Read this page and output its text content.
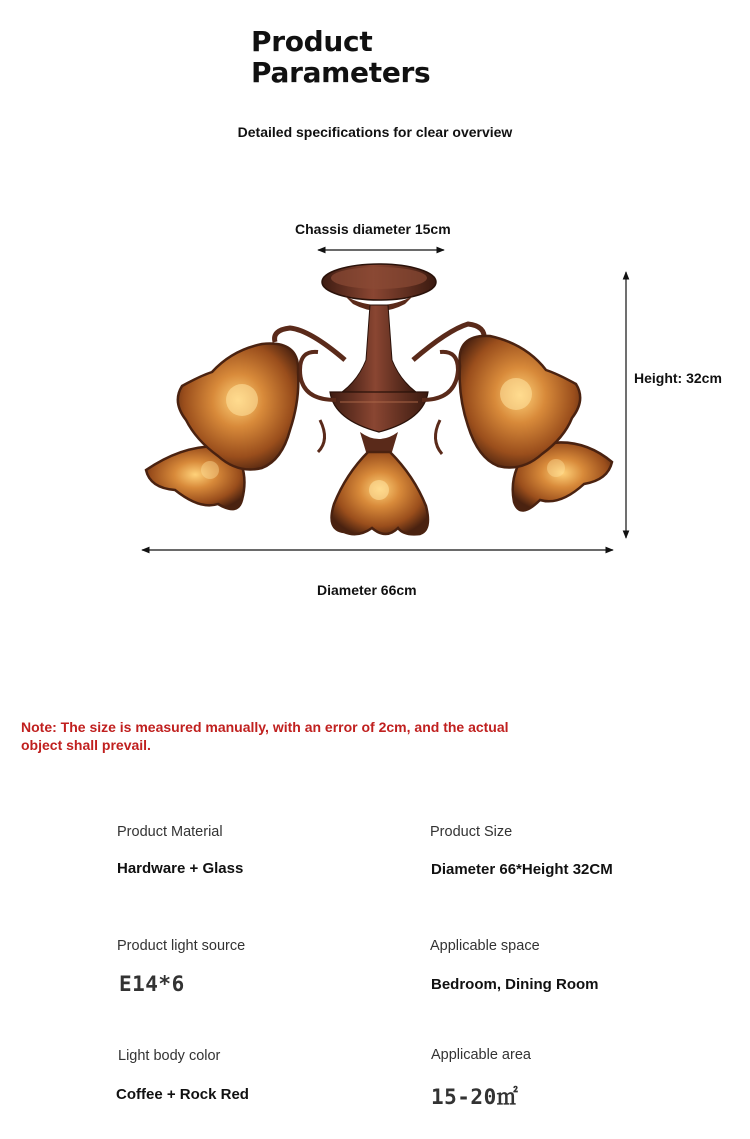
Product
Parameters
Detailed specifications for clear overview
Chassis diameter 15cm
Height: 32cm
Diameter 66cm
Note: The size is measured manually, with an error of 2cm, and the actual object shall prevail.
Product Material
Hardware + Glass
Product Size
Diameter 66*Height 32CM
Product light source
E14*6
Applicable space
Bedroom, Dining Room
Light body color
Coffee + Rock Red
Applicable area
15-20㎡
